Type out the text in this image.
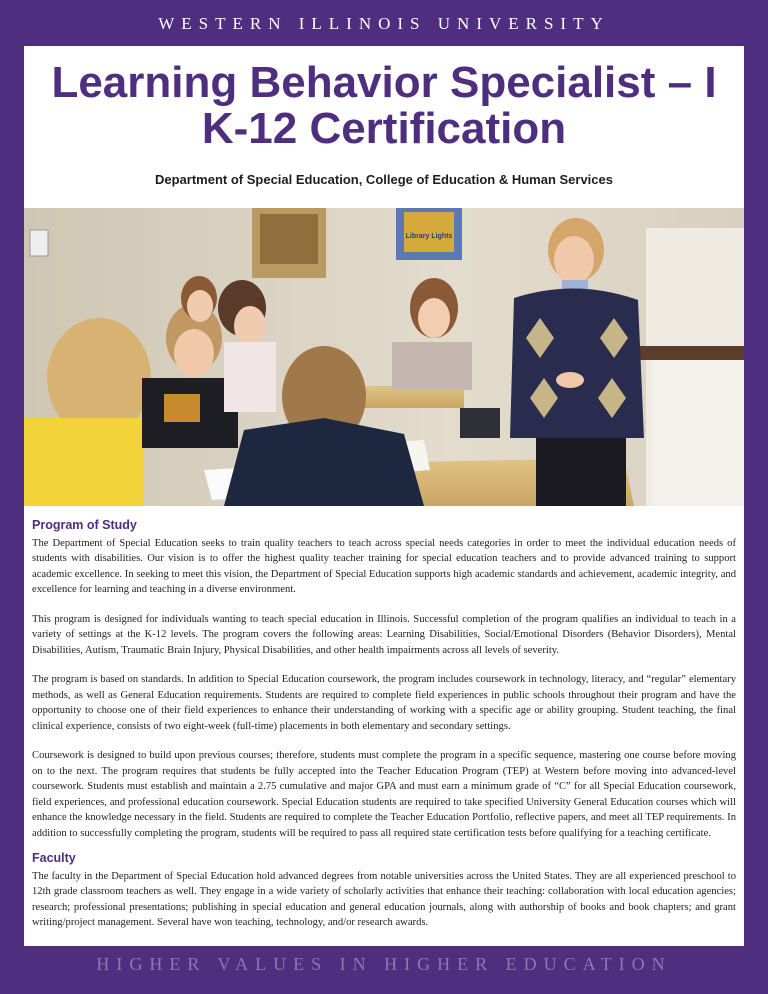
WESTERN ILLINOIS UNIVERSITY
Learning Behavior Specialist – I
K-12 Certification
Department of Special Education, College of Education & Human Services
Library Lights
Program of Study

The Department of Special Education seeks to train quality teachers to teach across special needs categories in order to meet the individual education needs of students with disabilities. Our vision is to offer the highest quality teacher training for special education teachers and to provide advanced training to support academic excellence. In seeking to meet this vision, the Department of Special Education supports high academic standards and achievement, academic integrity, and excellence for learning and teaching in a diverse environment.

This program is designed for individuals wanting to teach special education in Illinois. Successful completion of the program qualifies an individual to teach in a variety of settings at the K-12 levels. The program covers the following areas: Learning Disabilities, Social/Emotional Disorders (Behavior Disorders), Mental Disabilities, Autism, Traumatic Brain Injury, Physical Disabilities, and other health impairments across all levels of severity.

The program is based on standards. In addition to Special Education coursework, the program includes coursework in technology, literacy, and “regular” elementary methods, as well as General Education requirements. Students are required to complete field experiences in public schools throughout their program and have the opportunity to choose one of their field experiences to enhance their understanding of working with a specific age or ability grouping. Student teaching, the final clinical experience, consists of two eight-week (full-time) placements in both elementary and secondary settings.

Coursework is designed to build upon previous courses; therefore, students must complete the program in a specific sequence, mastering one course before moving on to the next. The program requires that students be fully accepted into the Teacher Education Program (TEP) at Western before moving into advanced-level coursework. Students must establish and maintain a 2.75 cumulative and major GPA and must earn a minimum grade of “C” for all Special Education coursework, field experiences, and professional education coursework. Special Education students are required to take specified University General Education courses which will enhance the knowledge necessary in the field. Students are required to complete the Teacher Education Portfolio, reflective papers, and meet all TEP requirements. In addition to successfully completing the program, students will be required to pass all required state certification tests before qualifying for a teaching certificate.

Faculty

The faculty in the Department of Special Education hold advanced degrees from notable universities across the United States. They are all experienced preschool to 12th grade classroom teachers as well. They engage in a wide variety of scholarly activities that enhance their teaching: collaboration with local education agencies; research; professional presentations; publishing in special education and general education journals, along with authorship of books and book chapters; and grant writing/project management. Several have won teaching, technology, and/or research awards.

HIGHER VALUES IN HIGHER EDUCATION
